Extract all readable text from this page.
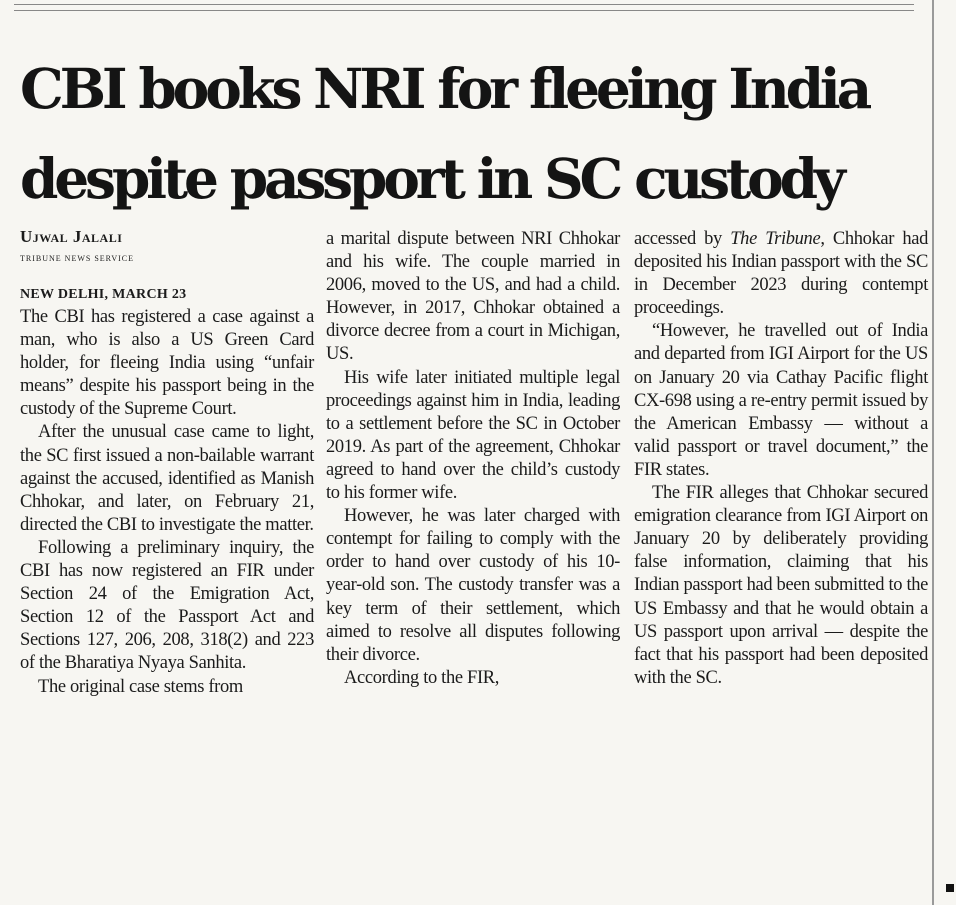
CBI books NRI for fleeing India
despite passport in SC custody
Ujwal Jalali
TRIBUNE NEWS SERVICE
NEW DELHI, MARCH 23

The CBI has registered a case against a man, who is also a US Green Card holder, for fleeing India using “unfair means” despite his passport being in the custody of the Supreme Court.

After the unusual case came to light, the SC first issued a non-bailable warrant against the accused, identified as Manish Chhokar, and later, on February 21, directed the CBI to investigate the matter.

Following a preliminary inquiry, the CBI has now registered an FIR under Section 24 of the Emigration Act, Section 12 of the Passport Act and Sections 127, 206, 208, 318(2) and 223 of the Bharatiya Nyaya Sanhita.

The original case stems from

a marital dispute between NRI Chhokar and his wife. The couple married in 2006, moved to the US, and had a child. However, in 2017, Chhokar obtained a divorce decree from a court in Michigan, US.

His wife later initiated multiple legal proceedings against him in India, leading to a settlement before the SC in October 2019. As part of the agreement, Chhokar agreed to hand over the child’s custody to his former wife.

However, he was later charged with contempt for failing to comply with the order to hand over custody of his 10-year-old son. The custody transfer was a key term of their settlement, which aimed to resolve all disputes following their divorce.

According to the FIR,

accessed by The Tribune, Chhokar had deposited his Indian passport with the SC in December 2023 during contempt proceedings.

“However, he travelled out of India and departed from IGI Airport for the US on January 20 via Cathay Pacific flight CX-698 using a re-entry permit issued by the American Embassy — without a valid passport or travel document,” the FIR states.

The FIR alleges that Chhokar secured emigration clearance from IGI Airport on January 20 by deliberately providing false information, claiming that his Indian passport had been submitted to the US Embassy and that he would obtain a US passport upon arrival — despite the fact that his passport had been deposited with the SC.
